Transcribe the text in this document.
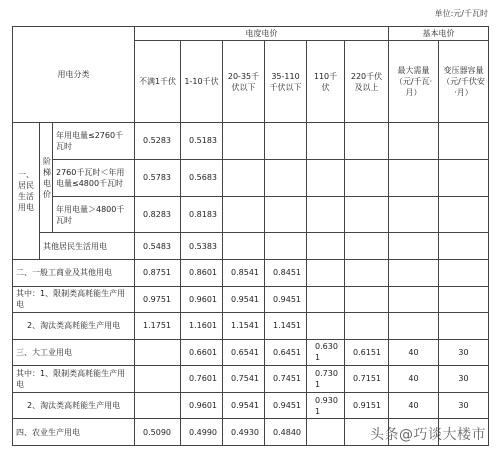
单位:元/千瓦时
用电分类			电度电价						基本电价	
			不满1千伏	1-10千伏	20-35千伏以下	35-110千伏以下	110千伏	220千伏及以上	最大需量（元/千瓦·月）	变压器容量（元/千伏安·月）
一、居民生活用电	阶梯电价	年用电量≤2760千瓦时	0.5283	0.5183						
		2760千瓦时＜年用电量≤4800千瓦时	0.5783	0.5683						
		年用电量＞4800千瓦时	0.8283	0.8183						
	其他居民生活用电		0.5483	0.5383						
二、一般工商业及其他用电			0.8751	0.8601	0.8541	0.8451				
其中：1、限制类高耗能生产用电			0.9751	0.9601	0.9541	0.9451				
2、淘汰类高耗能生产用电			1.1751	1.1601	1.1541	1.1451				
三、大工业用电				0.6601	0.6541	0.6451	0.6301	0.6151	40	30
其中：1、限制类高耗能生产用电				0.7601	0.7541	0.7451	0.7301	0.7151	40	30
2、淘汰类高耗能生产用电				0.9601	0.9541	0.9451	0.9301	0.9151	40	30
四、农业生产用电			0.5090	0.4990	0.4930	0.4840					头条@巧谈大楼市
